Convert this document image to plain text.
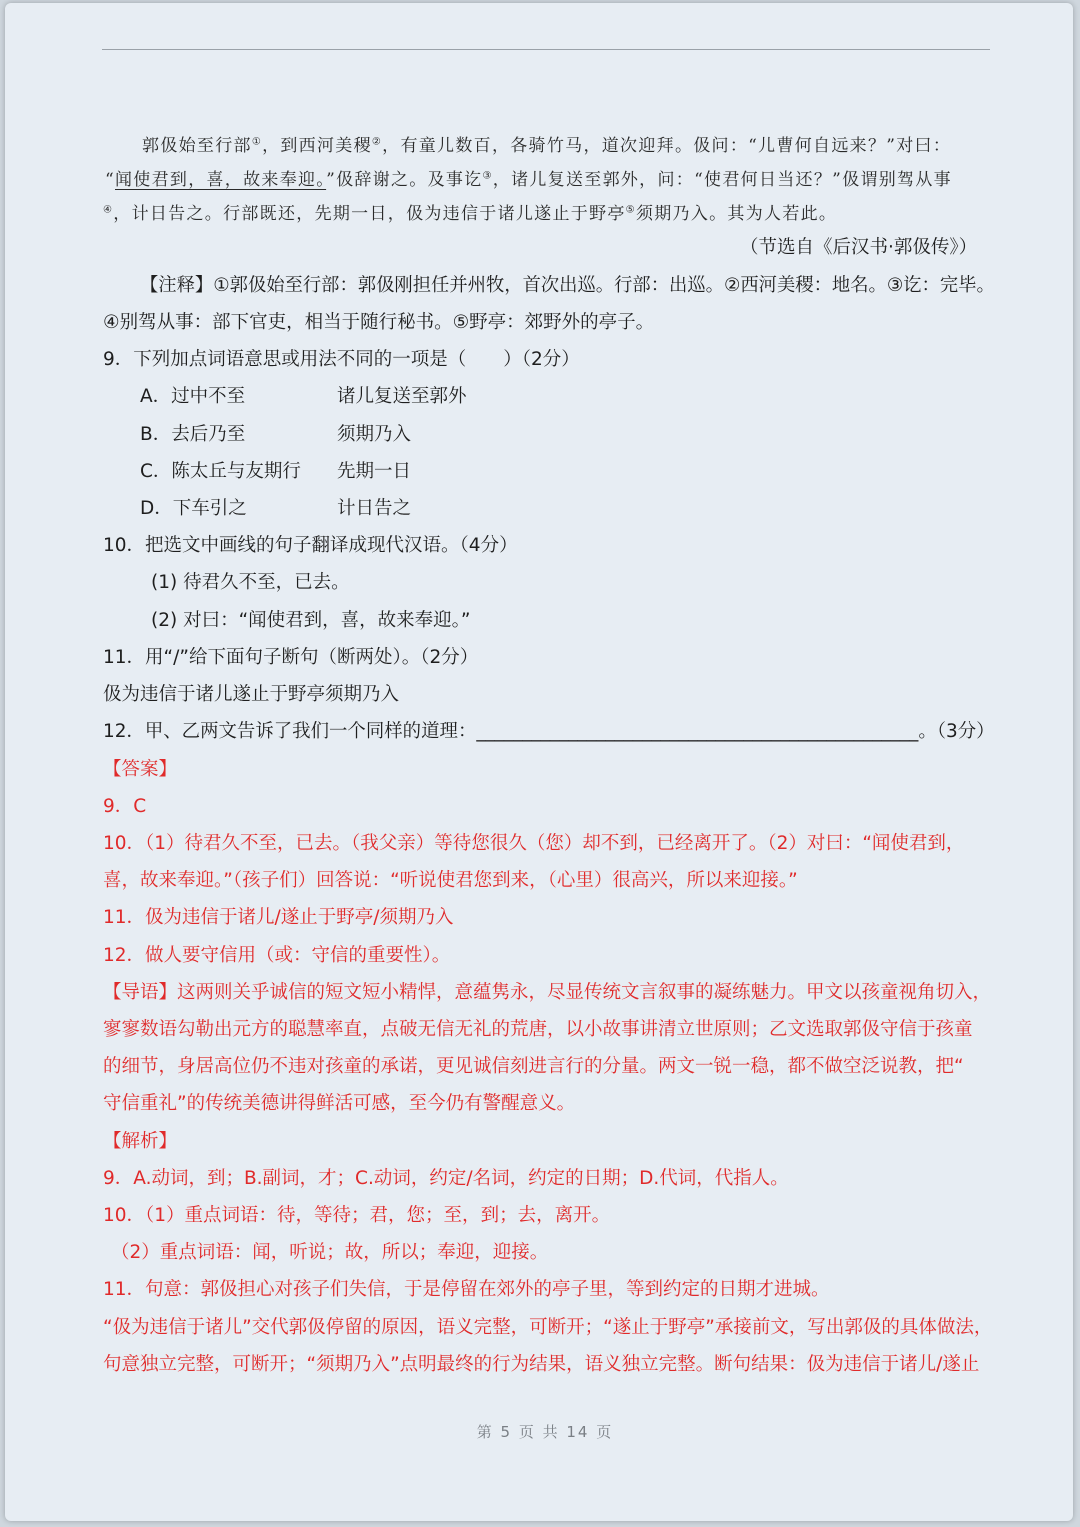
郭伋始至行部①，到西河美稷②，有童儿数百，各骑竹马，道次迎拜。伋问：“儿曹何自远来？”对曰：
“闻使君到，喜，故来奉迎。”伋辞谢之。及事讫③，诸儿复送至郭外，问：“使君何日当还？”伋谓别驾从事
④，计日告之。行部既还，先期一日，伋为违信于诸儿遂止于野亭⑤须期乃入。其为人若此。
（节选自《后汉书·郭伋传》）
【注释】①郭伋始至行部：郭伋刚担任并州牧，首次出巡。行部：出巡。②西河美稷：地名。③讫：完毕。
④别驾从事：部下官吏，相当于随行秘书。⑤野亭：郊野外的亭子。
9．下列加点词语意思或用法不同的一项是（　　）（2分）
A．过中不至	诸儿复送至郭外
B．去后乃至	须期乃入
C．陈太丘与友期行 先期一日
D．下车引之	计日告之
10．把选文中画线的句子翻译成现代汉语。（4分）
(1) 待君久不至，已去。
(2) 对曰：“闻使君到，喜，故来奉迎。”
11．用“/”给下面句子断句（断两处）。（2分）
伋为违信于诸儿遂止于野亭须期乃入
12．甲、乙两文告诉了我们一个同样的道理：________________________________________________。（3分）
【答案】
9．C
10．（1）待君久不至，已去。（我父亲）等待您很久（您）却不到，已经离开了。（2）对曰：“闻使君到，
喜，故来奉迎。”（孩子们）回答说：“听说使君您到来，（心里）很高兴，所以来迎接。”
11．伋为违信于诸儿/遂止于野亭/须期乃入
12．做人要守信用（或：守信的重要性）。
【导语】这两则关乎诚信的短文短小精悍，意蕴隽永，尽显传统文言叙事的凝练魅力。甲文以孩童视角切入，
寥寥数语勾勒出元方的聪慧率直，点破无信无礼的荒唐，以小故事讲清立世原则；乙文选取郭伋守信于孩童
的细节，身居高位仍不违对孩童的承诺，更见诚信刻进言行的分量。两文一锐一稳，都不做空泛说教，把“
守信重礼”的传统美德讲得鲜活可感，至今仍有警醒意义。
【解析】
9．A.动词，到；B.副词，才；C.动词，约定/名词，约定的日期；D.代词，代指人。
10．（1）重点词语：待，等待；君，您；至，到；去，离开。
（2）重点词语：闻，听说；故，所以；奉迎，迎接。
11．句意：郭伋担心对孩子们失信，于是停留在郊外的亭子里，等到约定的日期才进城。
“伋为违信于诸儿”交代郭伋停留的原因，语义完整，可断开；“遂止于野亭”承接前文，写出郭伋的具体做法，
句意独立完整，可断开；“须期乃入”点明最终的行为结果，语义独立完整。断句结果：伋为违信于诸儿/遂止
第 5 页 共 14 页
